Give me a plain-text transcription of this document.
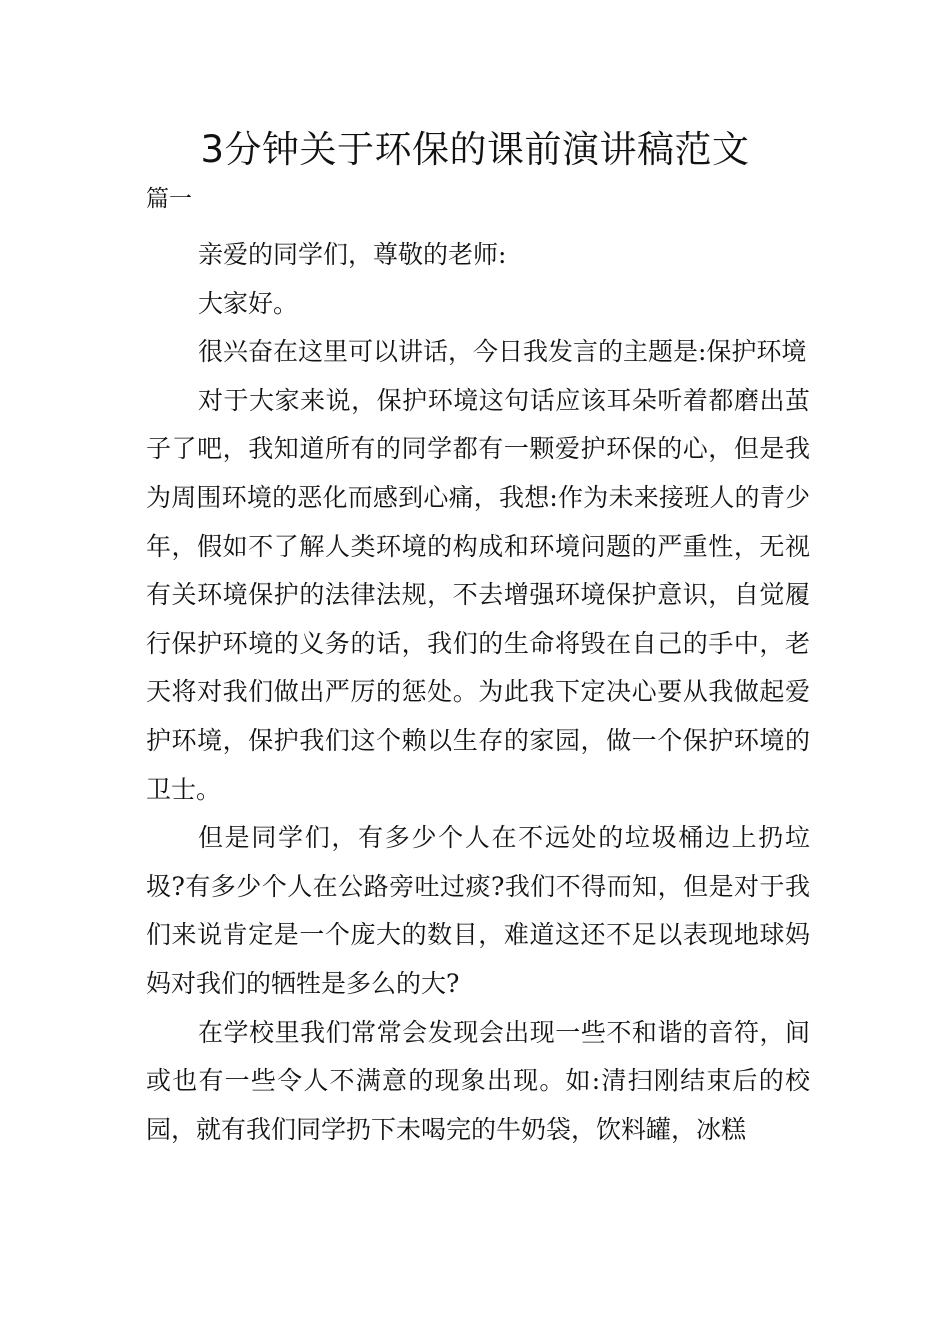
3分钟关于环保的课前演讲稿范文
篇一

亲爱的同学们，尊敬的老师:

大家好。

很兴奋在这里可以讲话，今日我发言的主题是:保护环境

对于大家来说，保护环境这句话应该耳朵听着都磨出茧子了吧，我知道所有的同学都有一颗爱护环保的心，但是我为周围环境的恶化而感到心痛，我想:作为未来接班人的青少年，假如不了解人类环境的构成和环境问题的严重性，无视有关环境保护的法律法规，不去增强环境保护意识，自觉履行保护环境的义务的话，我们的生命将毁在自己的手中，老天将对我们做出严厉的惩处。为此我下定决心要从我做起爱护环境，保护我们这个赖以生存的家园，做一个保护环境的卫士。

但是同学们，有多少个人在不远处的垃圾桶边上扔垃圾?有多少个人在公路旁吐过痰?我们不得而知，但是对于我们来说肯定是一个庞大的数目，难道这还不足以表现地球妈妈对我们的牺牲是多么的大?

在学校里我们常常会发现会出现一些不和谐的音符，间或也有一些令人不满意的现象出现。如:清扫刚结束后的校园，就有我们同学扔下未喝完的牛奶袋，饮料罐，冰糕
